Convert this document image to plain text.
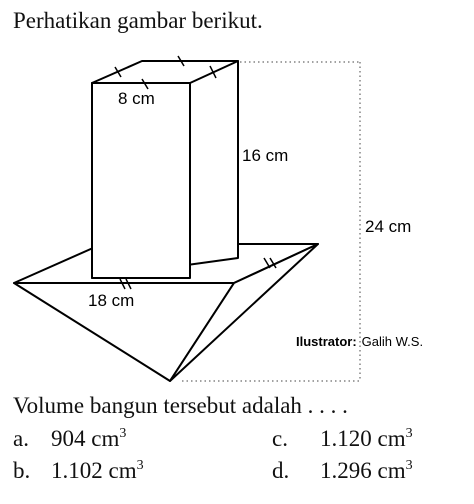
Perhatikan gambar berikut.
8 cm
16 cm
24 cm
18 cm
Ilustrator: Galih W.S.
Volume bangun tersebut adalah . . . .
a. 904 $cm^3$
b. 1.102 $cm^3$
c. 1.120 $cm^3$
d. 1.296 $cm^3$
